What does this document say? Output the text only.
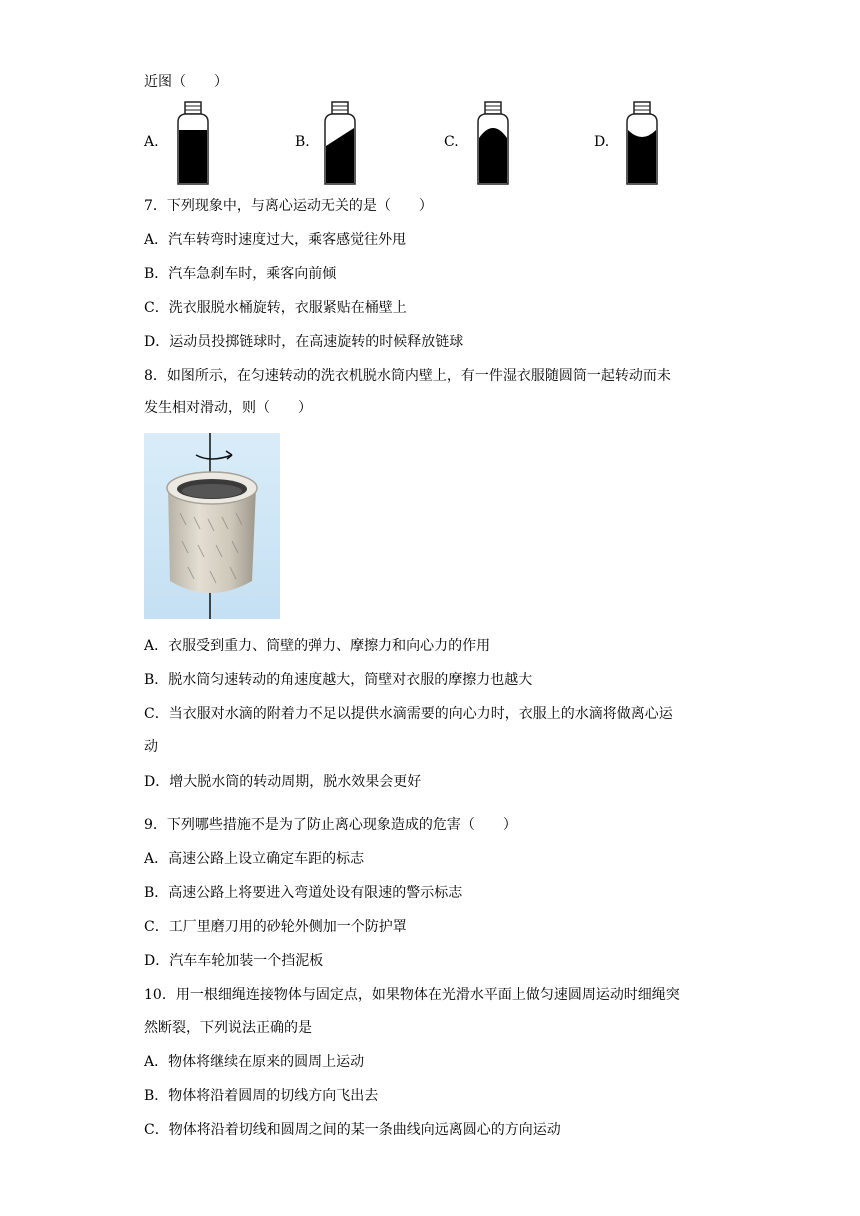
近图（　　）
A.	B.	C.	D.
7．下列现象中，与离心运动无关的是（　　）
A．汽车转弯时速度过大，乘客感觉往外甩
B．汽车急刹车时，乘客向前倾
C．洗衣服脱水桶旋转，衣服紧贴在桶壁上
D．运动员投掷链球时，在高速旋转的时候释放链球
8．如图所示，在匀速转动的洗衣机脱水筒内壁上，有一件湿衣服随圆筒一起转动而未
发生相对滑动，则（　　）
A．衣服受到重力、筒壁的弹力、摩擦力和向心力的作用
B．脱水筒匀速转动的角速度越大，筒壁对衣服的摩擦力也越大
C．当衣服对水滴的附着力不足以提供水滴需要的向心力时，衣服上的水滴将做离心运
动
D．增大脱水筒的转动周期，脱水效果会更好
9．下列哪些措施不是为了防止离心现象造成的危害（　　）
A．高速公路上设立确定车距的标志
B．高速公路上将要进入弯道处设有限速的警示标志
C．工厂里磨刀用的砂轮外侧加一个防护罩
D．汽车车轮加装一个挡泥板
10．用一根细绳连接物体与固定点，如果物体在光滑水平面上做匀速圆周运动时细绳突
然断裂，下列说法正确的是
A．物体将继续在原来的圆周上运动
B．物体将沿着圆周的切线方向飞出去
C．物体将沿着切线和圆周之间的某一条曲线向远离圆心的方向运动
